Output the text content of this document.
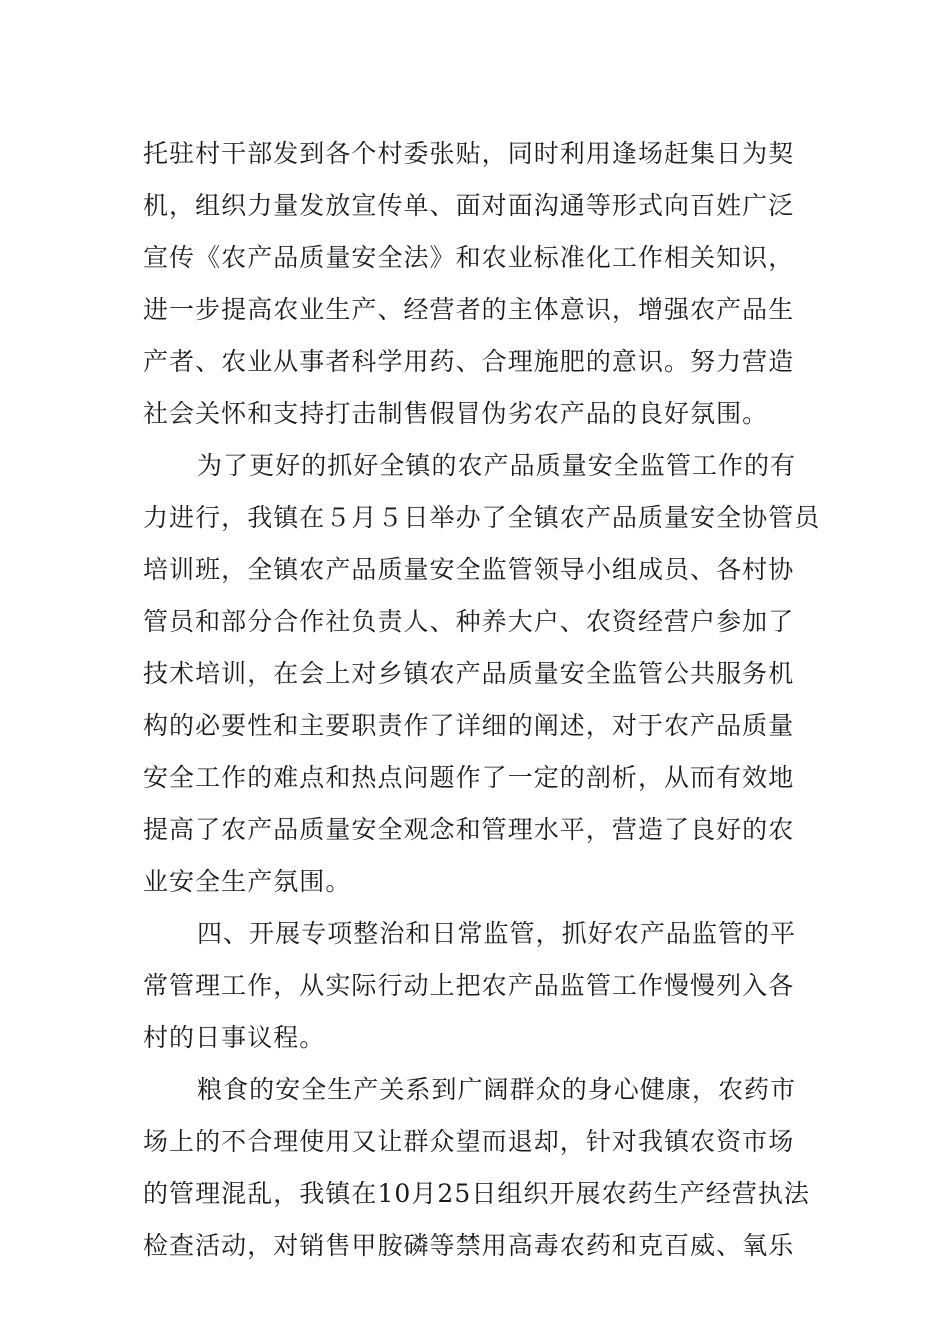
托驻村干部发到各个村委张贴，同时利用逢场赶集日为契
机，组织力量发放宣传单、面对面沟通等形式向百姓广泛
宣传《农产品质量安全法》和农业标准化工作相关知识，
进一步提高农业生产、经营者的主体意识，增强农产品生
产者、农业从事者科学用药、合理施肥的意识。努力营造
社会关怀和支持打击制售假冒伪劣农产品的良好氛围。
为了更好的抓好全镇的农产品质量安全监管工作的有
力进行，我镇在５月５日举办了全镇农产品质量安全协管员
培训班，全镇农产品质量安全监管领导小组成员、各村协
管员和部分合作社负责人、种养大户、农资经营户参加了
技术培训，在会上对乡镇农产品质量安全监管公共服务机
构的必要性和主要职责作了详细的阐述，对于农产品质量
安全工作的难点和热点问题作了一定的剖析，从而有效地
提高了农产品质量安全观念和管理水平，营造了良好的农
业安全生产氛围。
四、开展专项整治和日常监管，抓好农产品监管的平
常管理工作，从实际行动上把农产品监管工作慢慢列入各
村的日事议程。
粮食的安全生产关系到广阔群众的身心健康，农药市
场上的不合理使用又让群众望而退却，针对我镇农资市场
的管理混乱，我镇在10月25日组织开展农药生产经营执法
检查活动，对销售甲胺磷等禁用高毒农药和克百威、氧乐
